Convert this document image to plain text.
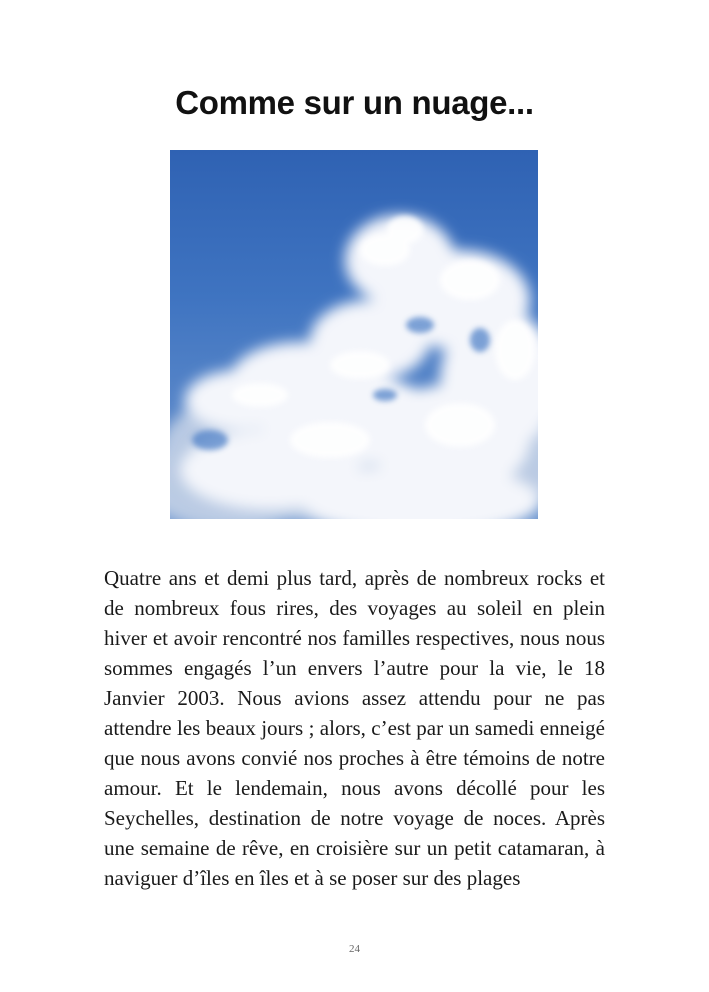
Comme sur un nuage...

Quatre ans et demi plus tard, après de nombreux rocks et de nombreux fous rires, des voyages au soleil en plein hiver et avoir rencontré nos familles respectives, nous nous sommes engagés l’un envers l’autre pour la vie, le 18 Janvier 2003. Nous avions assez attendu pour ne pas attendre les beaux jours ; alors, c’est par un samedi enneigé que nous avons convié nos proches à être témoins de notre amour. Et le lendemain, nous avons décollé pour les Seychelles, destination de notre voyage de noces. Après une semaine de rêve, en croisière sur un petit catamaran, à naviguer d’îles en îles et à se poser sur des plages

24
